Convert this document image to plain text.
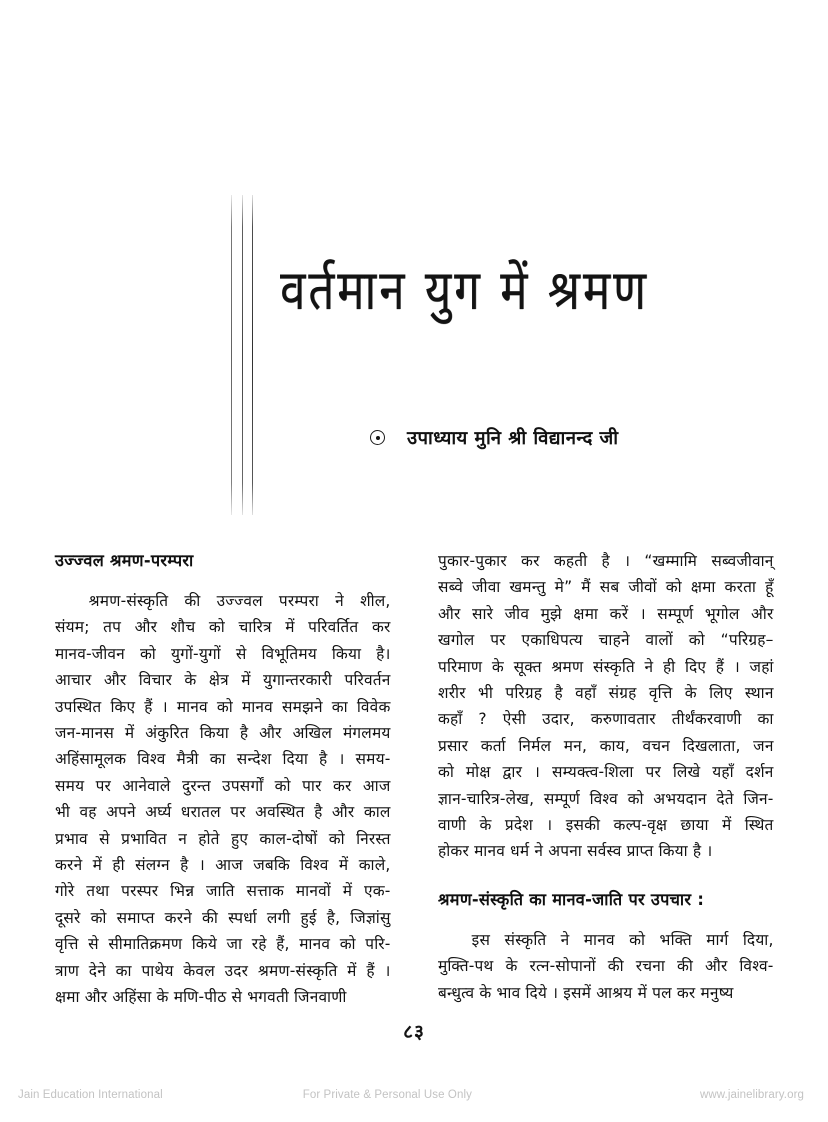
वर्तमान युग में श्रमण
उपाध्याय मुनि श्री विद्यानन्द जी
उज्ज्वल श्रमण-परम्परा
श्रमण-संस्कृति की उज्ज्वल परम्परा ने शील,
संयम; तप और शौच को चारित्र में परिवर्तित कर
मानव-जीवन को युगों-युगों से विभूतिमय किया है।
आचार और विचार के क्षेत्र में युगान्तरकारी परिवर्तन
उपस्थित किए हैं । मानव को मानव समझने का विवेक
जन-मानस में अंकुरित किया है और अखिल मंगलमय
अहिंसामूलक विश्व मैत्री का सन्देश दिया है । समय-
समय पर आनेवाले दुरन्त उपसर्गों को पार कर आज
भी वह अपने अर्घ्य धरातल पर अवस्थित है और काल
प्रभाव से प्रभावित न होते हुए काल-दोषों को निरस्त
करने में ही संलग्न है । आज जबकि विश्व में काले,
गोरे तथा परस्पर भिन्न जाति सत्ताक मानवों में एक-
दूसरे को समाप्त करने की स्पर्धा लगी हुई है, जिज्ञांसु
वृत्ति से सीमातिक्रमण किये जा रहे हैं, मानव को परि-
त्राण देने का पाथेय केवल उदर श्रमण-संस्कृति में हैं ।
क्षमा और अहिंसा के मणि-पीठ से भगवती जिनवाणी
पुकार-पुकार कर कहती है । “खम्मामि सब्वजीवान्
सब्वे जीवा खमन्तु मे” मैं सब जीवों को क्षमा करता हूँ
और सारे जीव मुझे क्षमा करें । सम्पूर्ण भूगोल और
खगोल पर एकाधिपत्य चाहने वालों को “परिग्रह–
परिमाण के सूक्त श्रमण संस्कृति ने ही दिए हैं । जहां
शरीर भी परिग्रह है वहाँ संग्रह वृत्ति के लिए स्थान
कहाँ ? ऐसी उदार, करुणावतार तीर्थंकरवाणी का
प्रसार कर्ता निर्मल मन, काय, वचन दिखलाता, जन
को मोक्ष द्वार । सम्यक्त्व-शिला पर लिखे यहाँ दर्शन
ज्ञान-चारित्र-लेख, सम्पूर्ण विश्व को अभयदान देते जिन-
वाणी के प्रदेश । इसकी कल्प-वृक्ष छाया में स्थित
होकर मानव धर्म ने अपना सर्वस्व प्राप्त किया है ।
श्रमण-संस्कृति का मानव-जाति पर उपचार :
इस संस्कृति ने मानव को भक्ति मार्ग दिया,
मुक्ति-पथ के रत्न-सोपानों की रचना की और विश्व-
बन्धुत्व के भाव दिये । इसमें आश्रय में पल कर मनुष्य
८३
Jain Education International	For Private & Personal Use Only	www.jainelibrary.org
